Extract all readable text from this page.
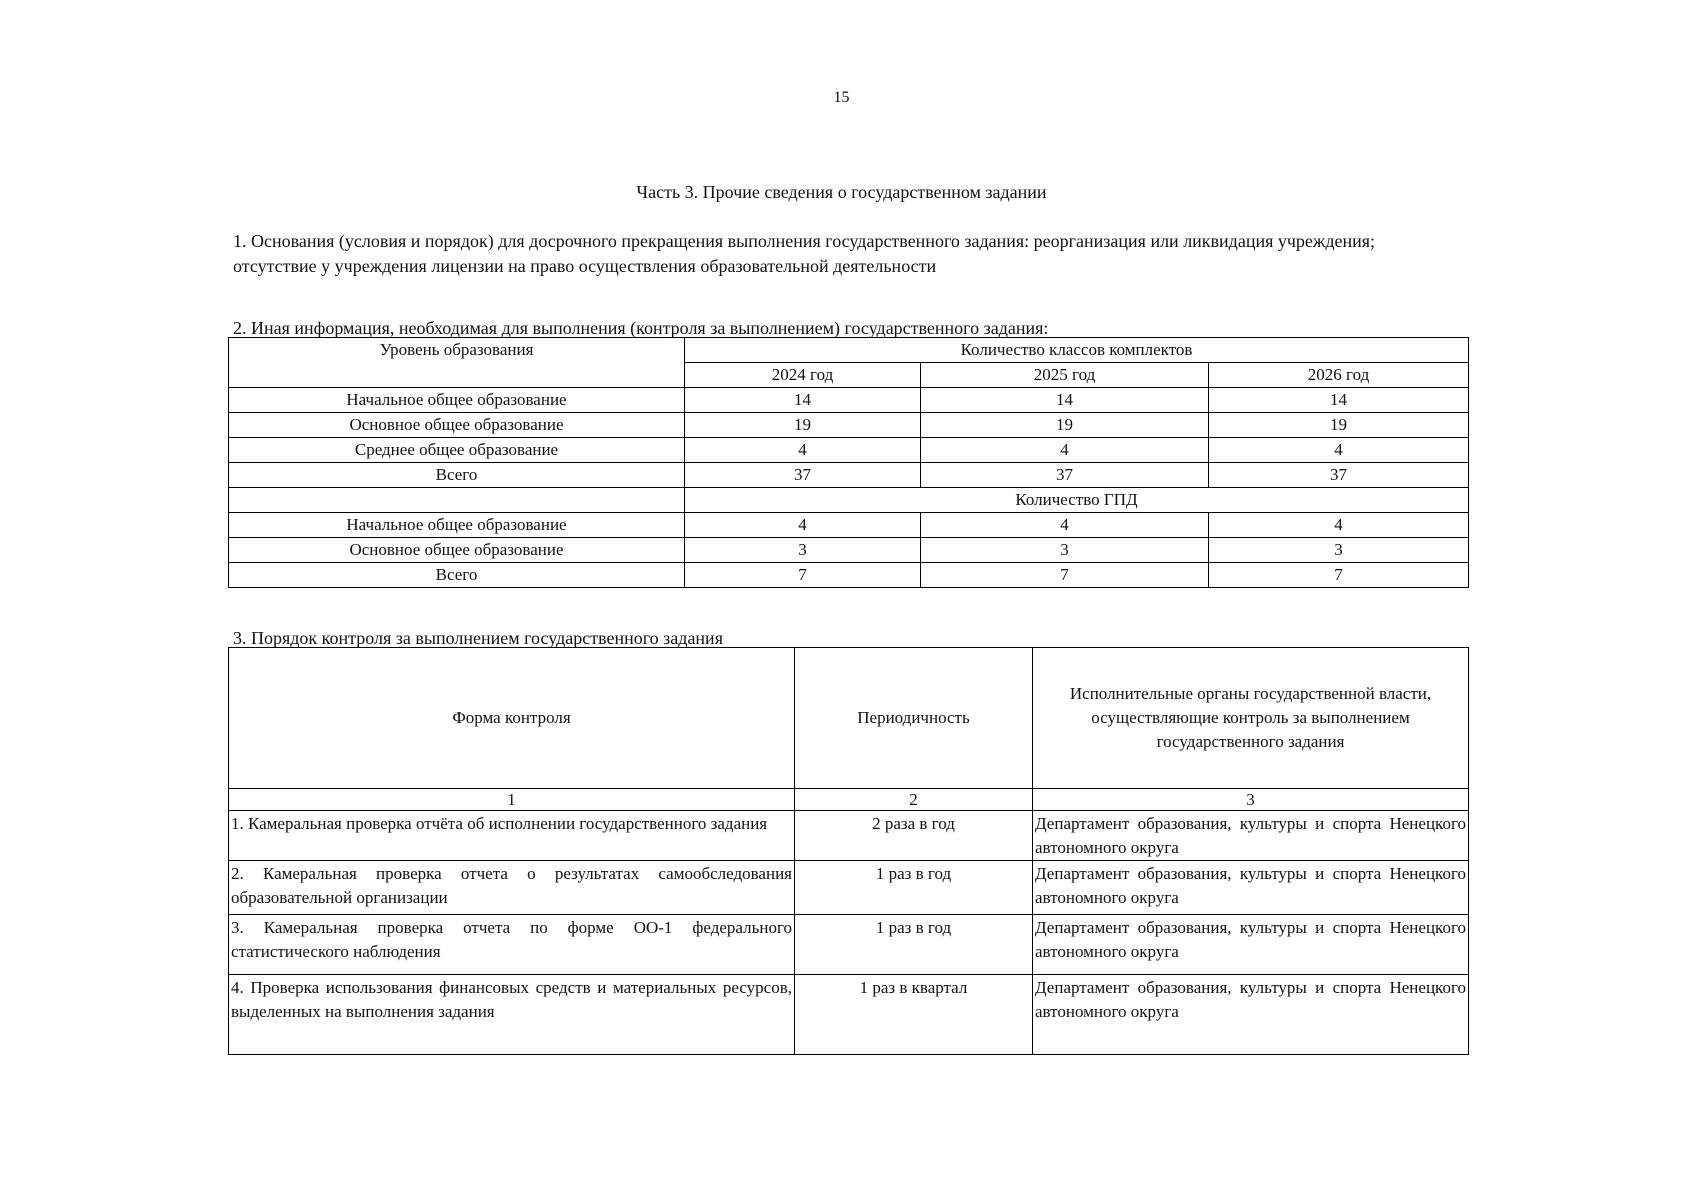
15
Часть 3. Прочие сведения о государственном задании
1. Основания (условия и порядок) для досрочного прекращения выполнения государственного задания: реорганизация или ликвидация учреждения; отсутствие у учреждения лицензии на право осуществления образовательной деятельности
2. Иная информация, необходимая для выполнения (контроля за выполнением) государственного задания:
Уровень образования	Количество классов комплектов		
	2024 год	2025 год	2026 год
Начальное общее образование	14	14	14
Основное общее образование	19	19	19
Среднее общее образование	4	4	4
Всего	37	37	37
	Количество ГПД		
Начальное общее образование	4	4	4
Основное общее образование	3	3	3
Всего	7	7	7
3. Порядок контроля за выполнением государственного задания
Форма контроля	Периодичность	Исполнительные органы государственной власти, осуществляющие контроль за выполнением государственного задания
1	2	3
1. Камеральная проверка отчёта об исполнении государственного задания	2 раза в год	Департамент образования, культуры и спорта Ненецкого автономного округа
2. Камеральная проверка отчета о результатах самообследования образовательной организации	1 раз в год	Департамент образования, культуры и спорта Ненецкого автономного округа
3. Камеральная проверка отчета по форме ОО-1 федерального статистического наблюдения	1 раз в год	Департамент образования, культуры и спорта Ненецкого автономного округа
4. Проверка использования финансовых средств и материальных ресурсов, выделенных на выполнения задания	1 раз в квартал	Департамент образования, культуры и спорта Ненецкого автономного округа
